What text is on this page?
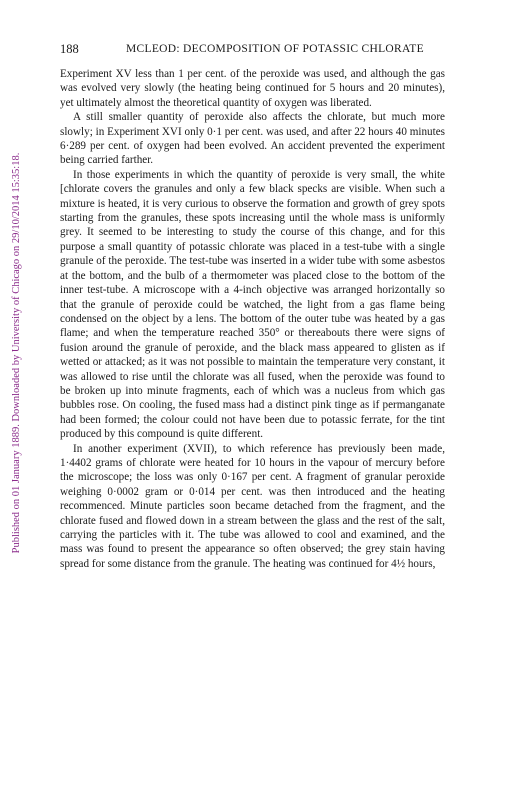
Published on 01 January 1889. Downloaded by University of Chicago on 29/10/2014 15:35:18.
188	MCLEOD: DECOMPOSITION OF POTASSIC CHLORATE

Experiment XV less than 1 per cent. of the peroxide was used, and although the gas was evolved very slowly (the heating being continued for 5 hours and 20 minutes), yet ultimately almost the theoretical quantity of oxygen was liberated.

A still smaller quantity of peroxide also affects the chlorate, but much more slowly; in Experiment XVI only 0·1 per cent. was used, and after 22 hours 40 minutes 6·289 per cent. of oxygen had been evolved. An accident prevented the experiment being carried farther.

In those experiments in which the quantity of peroxide is very small, the white [chlorate covers the granules and only a few black specks are visible. When such a mixture is heated, it is very curious to observe the formation and growth of grey spots starting from the granules, these spots increasing until the whole mass is uniformly grey. It seemed to be interesting to study the course of this change, and for this purpose a small quantity of potassic chlorate was placed in a test-tube with a single granule of the peroxide. The test-tube was inserted in a wider tube with some asbestos at the bottom, and the bulb of a thermometer was placed close to the bottom of the inner test-tube. A microscope with a 4-inch objective was arranged horizontally so that the granule of peroxide could be watched, the light from a gas flame being condensed on the object by a lens. The bottom of the outer tube was heated by a gas flame; and when the temperature reached 350° or thereabouts there were signs of fusion around the granule of peroxide, and the black mass appeared to glisten as if wetted or attacked; as it was not possible to maintain the temperature very constant, it was allowed to rise until the chlorate was all fused, when the peroxide was found to be broken up into minute fragments, each of which was a nucleus from which gas bubbles rose. On cooling, the fused mass had a distinct pink tinge as if permanganate had been formed; the colour could not have been due to potassic ferrate, for the tint produced by this compound is quite different.

In another experiment (XVII), to which reference has previously been made, 1·4402 grams of chlorate were heated for 10 hours in the vapour of mercury before the microscope; the loss was only 0·167 per cent. A fragment of granular peroxide weighing 0·0002 gram or 0·014 per cent. was then introduced and the heating recommenced. Minute particles soon became detached from the fragment, and the chlorate fused and flowed down in a stream between the glass and the rest of the salt, carrying the particles with it. The tube was allowed to cool and examined, and the mass was found to present the appearance so often observed; the grey stain having spread for some distance from the granule. The heating was continued for 4½ hours,
